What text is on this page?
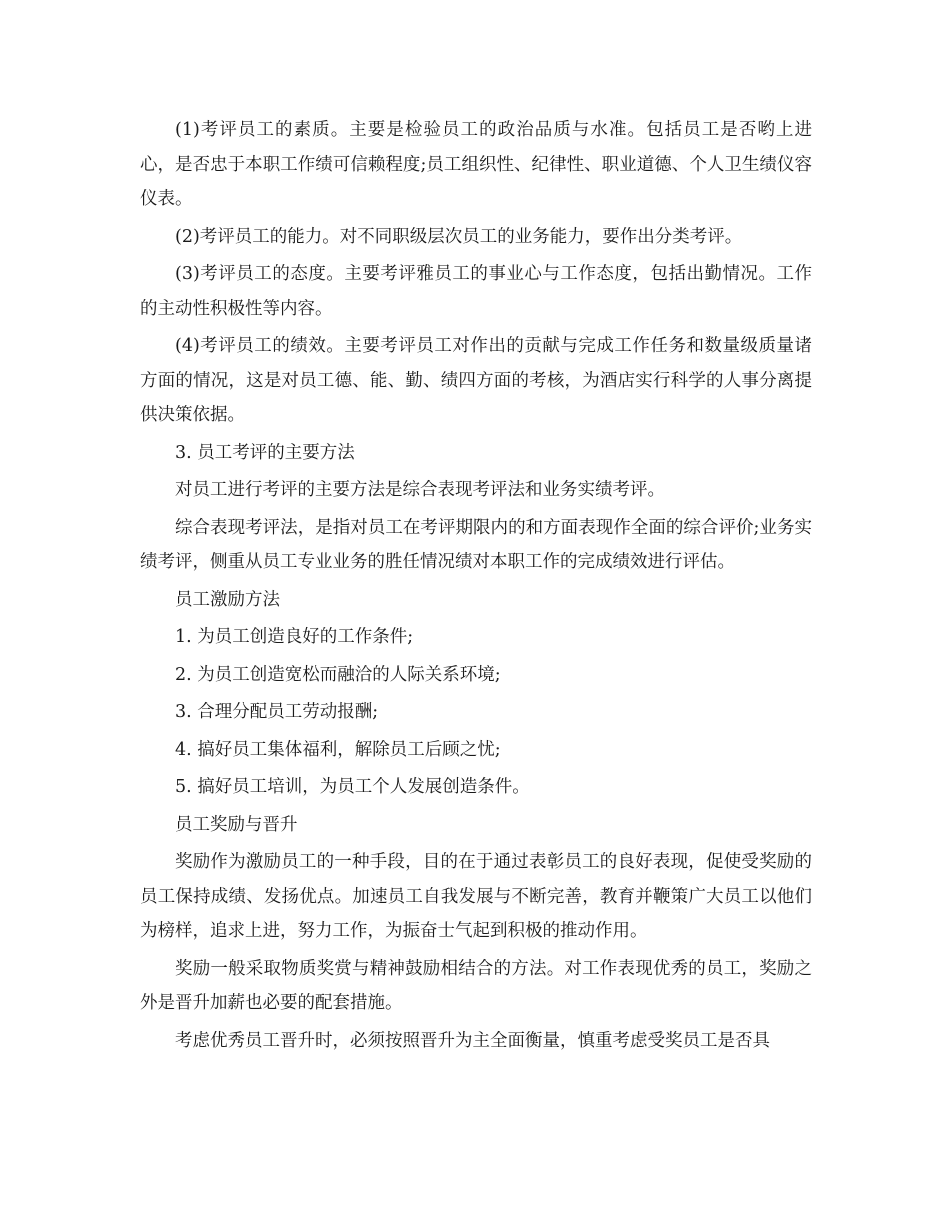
(1)考评员工的素质。主要是检验员工的政治品质与水准。包括员工是否哟上进心，是否忠于本职工作绩可信赖程度;员工组织性、纪律性、职业道德、个人卫生绩仪容仪表。

(2)考评员工的能力。对不同职级层次员工的业务能力，要作出分类考评。

(3)考评员工的态度。主要考评雅员工的事业心与工作态度，包括出勤情况。工作的主动性积极性等内容。

(4)考评员工的绩效。主要考评员工对作出的贡献与完成工作任务和数量级质量诸方面的情况，这是对员工德、能、勤、绩四方面的考核，为酒店实行科学的人事分离提供决策依据。

3. 员工考评的主要方法

对员工进行考评的主要方法是综合表现考评法和业务实绩考评。

综合表现考评法，是指对员工在考评期限内的和方面表现作全面的综合评价;业务实绩考评，侧重从员工专业业务的胜任情况绩对本职工作的完成绩效进行评估。

员工激励方法

1. 为员工创造良好的工作条件;

2. 为员工创造宽松而融洽的人际关系环境;

3. 合理分配员工劳动报酬;

4. 搞好员工集体福利，解除员工后顾之忧;

5. 搞好员工培训，为员工个人发展创造条件。

员工奖励与晋升

奖励作为激励员工的一种手段，目的在于通过表彰员工的良好表现，促使受奖励的员工保持成绩、发扬优点。加速员工自我发展与不断完善，教育并鞭策广大员工以他们为榜样，追求上进，努力工作，为振奋士气起到积极的推动作用。

奖励一般采取物质奖赏与精神鼓励相结合的方法。对工作表现优秀的员工，奖励之外是晋升加薪也必要的配套措施。

考虑优秀员工晋升时，必须按照晋升为主全面衡量，慎重考虑受奖员工是否具
